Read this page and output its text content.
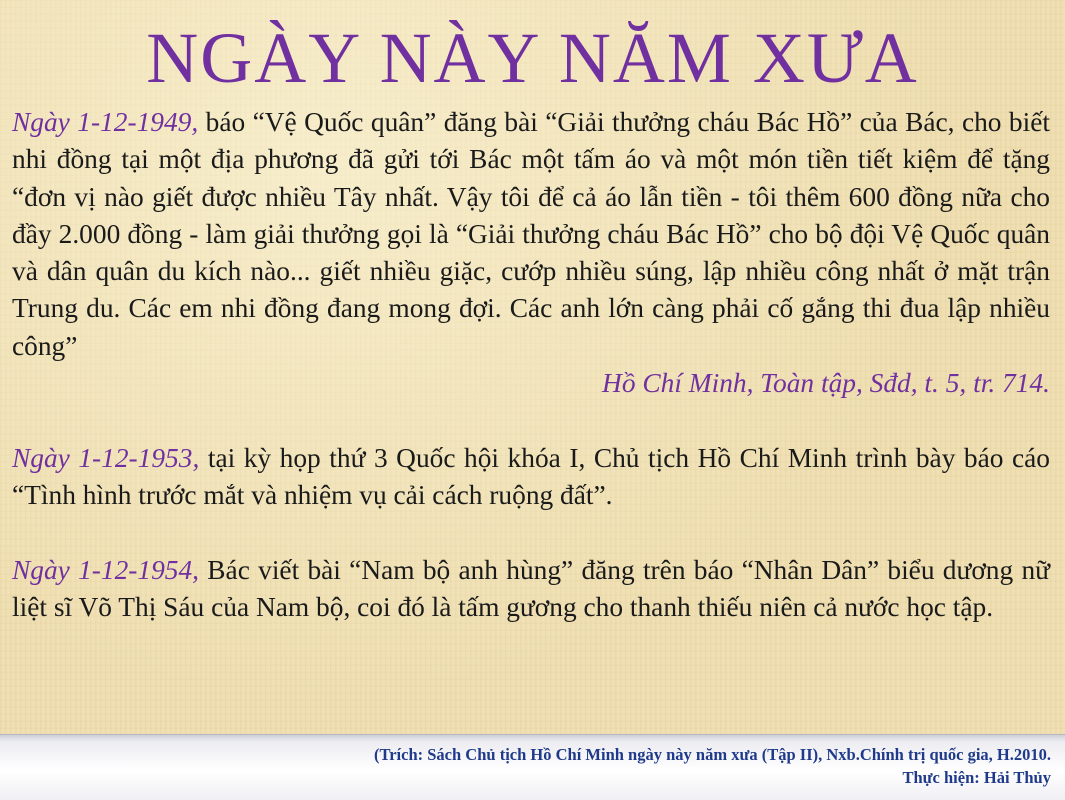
NGÀY NÀY NĂM XƯA

Ngày 1-12-1949, báo “Vệ Quốc quân” đăng bài “Giải thưởng cháu Bác Hồ” của Bác, cho biết nhi đồng tại một địa phương đã gửi tới Bác một tấm áo và một món tiền tiết kiệm để tặng “đơn vị nào giết được nhiều Tây nhất. Vậy tôi để cả áo lẫn tiền - tôi thêm 600 đồng nữa cho đầy 2.000 đồng - làm giải thưởng gọi là “Giải thưởng cháu Bác Hồ” cho bộ đội Vệ Quốc quân và dân quân du kích nào... giết nhiều giặc, cướp nhiều súng, lập nhiều công nhất ở mặt trận Trung du. Các em nhi đồng đang mong đợi. Các anh lớn càng phải cố gắng thi đua lập nhiều công”

Hồ Chí Minh, Toàn tập, Sđd, t. 5, tr. 714.

Ngày 1-12-1953, tại kỳ họp thứ 3 Quốc hội khóa I, Chủ tịch Hồ Chí Minh trình bày báo cáo “Tình hình trước mắt và nhiệm vụ cải cách ruộng đất”.

Ngày 1-12-1954, Bác viết bài “Nam bộ anh hùng” đăng trên báo “Nhân Dân” biểu dương nữ liệt sĩ Võ Thị Sáu của Nam bộ, coi đó là tấm gương cho thanh thiếu niên cả nước học tập.

(Trích: Sách Chủ tịch Hồ Chí Minh ngày này năm xưa (Tập II), Nxb.Chính trị quốc gia, H.2010.
Thực hiện: Hải Thủy
